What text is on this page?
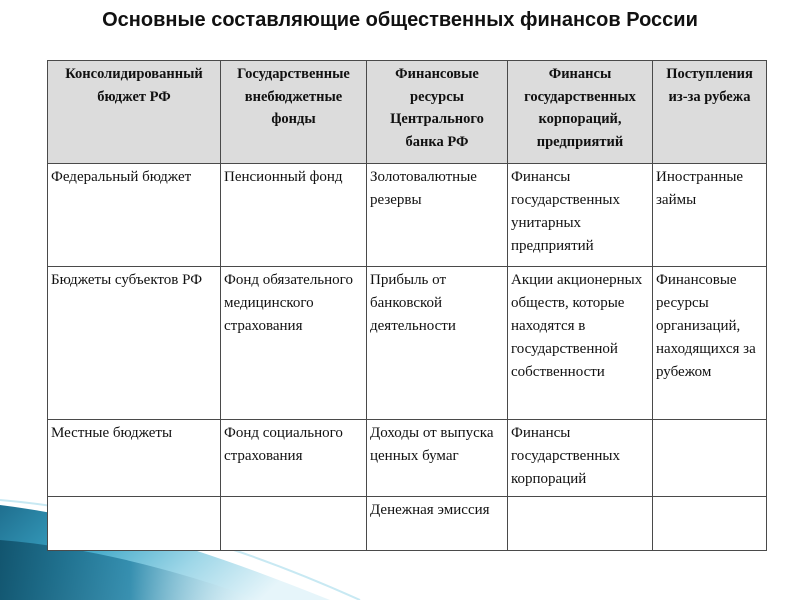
Основные составляющие общественных финансов России
Консолидированный бюджет РФ	Государственные внебюджетные фонды	Финансовые ресурсы Центрального банка РФ	Финансы государственных корпораций, предприятий	Поступления из-за рубежа
Федеральный бюджет	Пенсионный фонд	Золотовалютные резервы	Финансы государственных унитарных предприятий	Иностранные займы
Бюджеты субъектов РФ	Фонд обязательного медицинского страхования	Прибыль от банковской деятельности	Акции акционерных обществ, которые находятся в государственной собственности	Финансовые ресурсы организаций, находящихся за рубежом
Местные бюджеты	Фонд социального страхования	Доходы от выпуска ценных бумаг	Финансы государственных корпораций	
		Денежная эмиссия		
